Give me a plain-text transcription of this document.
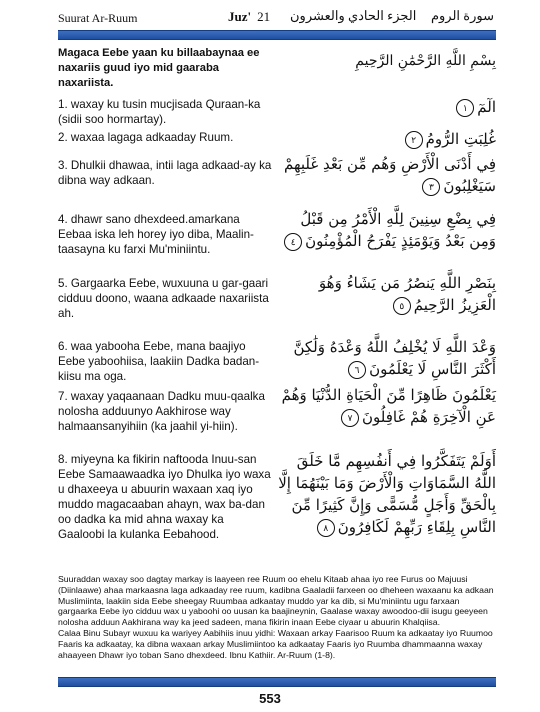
Suurat Ar-Ruum	Juz' 21 الجزء الحادي والعشرون سورة الروم
Magaca Eebe yaan ku billaabaynaa ee naxariis guud iyo mid gaaraba naxariista.
بِسْمِ اللَّهِ الرَّحْمَٰنِ الرَّحِيمِ
1. waxay ku tusin mucjisada Quraan-ka (sidii soo hormartay).
الٓمٓ١
2. waxaa lagaga adkaaday Ruum.	غُلِبَتِ الرُّومُ٢
3. Dhulkii dhawaa, intii laga adkaad-ay ka dibna way adkaan.
فِي أَدْنَى الْأَرْضِ وَهُم مِّن بَعْدِ غَلَبِهِمْ سَيَغْلِبُونَ٣
4. dhawr sano dhexdeed.amarkana Eebaa iska leh horey iyo diba, Maalin-taasayna ku farxi Mu'miniintu.
فِي بِضْعِ سِنِينَ لِلَّهِ الْأَمْرُ مِن قَبْلُ وَمِن بَعْدُ وَيَوْمَئِذٍ يَفْرَحُ الْمُؤْمِنُونَ٤
5. Gargaarka Eebe, wuxuuna u gar-gaari cidduu doono, waana adkaade naxariista ah.
بِنَصْرِ اللَّهِ يَنصُرُ مَن يَشَاءُ وَهُوَ الْعَزِيزُ الرَّحِيمُ٥
6. waa yabooha Eebe, mana baajiyo Eebe yaboohiisa, laakiin Dadka badan-kiisu ma oga.
وَعْدَ اللَّهِ لَا يُخْلِفُ اللَّهُ وَعْدَهُ وَلَٰكِنَّ أَكْثَرَ النَّاسِ لَا يَعْلَمُونَ٦
7. waxay yaqaanaan Dadku muu-qaalka nolosha adduunyo Aakhirose way halmaansanyihiin (ka jaahil yi-hiin).
يَعْلَمُونَ ظَاهِرًا مِّنَ الْحَيَاةِ الدُّنْيَا وَهُمْ عَنِ الْآخِرَةِ هُمْ غَافِلُونَ٧
8. miyeyna ka fikirin naftooda Inuu-san Eebe Samaawaadka iyo Dhulka iyo waxa u dhaxeeya u abuurin waxaan xaq iyo muddo magacaaban ahayn, wax ba-dan oo dadka ka mid ahna waxay ka Gaaloobi la kulanka Eebahood.
أَوَلَمْ يَتَفَكَّرُوا فِي أَنفُسِهِم مَّا خَلَقَ اللَّهُ السَّمَاوَاتِ وَالْأَرْضَ وَمَا بَيْنَهُمَا إِلَّا بِالْحَقِّ وَأَجَلٍ مُّسَمًّى وَإِنَّ كَثِيرًا مِّنَ النَّاسِ بِلِقَاءِ رَبِّهِمْ لَكَافِرُونَ٨

Suuraddan waxay soo dagtay markay is laayeen ree Ruum oo ehelu Kitaab ahaa iyo ree Furus oo Majuusi (Diinlaawe) ahaa markaasna laga adkaaday ree ruum, kadibna Gaaladii farxeen oo dheheen waxaanu ka adkaan Muslimiinta, laakiin sida Eebe sheegay Ruumbaa adkaatay muddo yar ka dib, si Mu'miniintu ugu farxaan gargaarka Eebe iyo cidduu wax u yaboohi oo uusan ka baajineynin, Gaalase waxay awoodoo-dii isugu geeyeen nolosha adduun Aakhirana way ka jeed sadeen, mana fikirin inaan Eebe ciyaar u abuurin Khalqiisa.

Calaa Binu Subayr wuxuu ka wariyey Aabihiis inuu yidhi: Waxaan arkay Faarisoo Ruum ka adkaatay iyo Ruumoo Faaris ka adkaatay, ka dibna waxaan arkay Muslimiintoo ka adkaatay Faaris iyo Ruumba dhammaanna waxay ahaayeen Dhawr iyo toban Sano dhexdeed. Ibnu Kathiir. Ar-Ruum (1-8).

553
